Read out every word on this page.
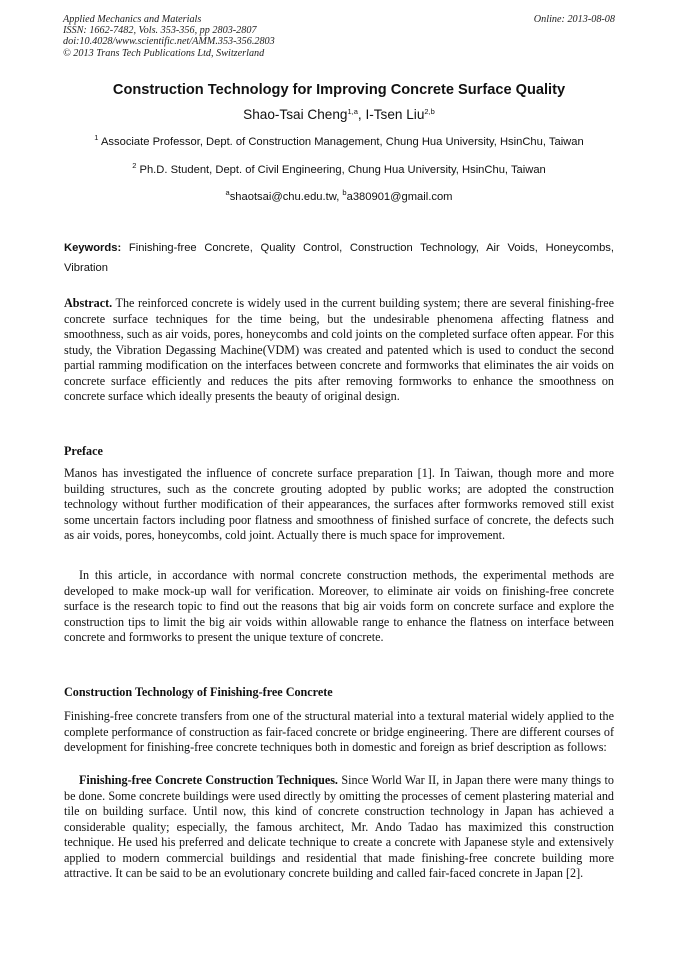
Applied Mechanics and Materials
ISSN: 1662-7482, Vols. 353-356, pp 2803-2807
doi:10.4028/www.scientific.net/AMM.353-356.2803
© 2013 Trans Tech Publications Ltd, Switzerland
Online: 2013-08-08
Construction Technology for Improving Concrete Surface Quality
Shao-Tsai Cheng$^{1,a}$, I-Tsen Liu$^{2,b}$
$^1$ Associate Professor, Dept. of Construction Management, Chung Hua University, HsinChu, Taiwan
$^2$ Ph.D. Student, Dept. of Civil Engineering, Chung Hua University, HsinChu, Taiwan
$^a$shaotsai@chu.edu.tw, $^b$a380901@gmail.com
Keywords: Finishing-free Concrete, Quality Control, Construction Technology, Air Voids, Honeycombs, Vibration
Abstract. The reinforced concrete is widely used in the current building system; there are several finishing-free concrete surface techniques for the time being, but the undesirable phenomena affecting flatness and smoothness, such as air voids, pores, honeycombs and cold joints on the completed surface often appear. For this study, the Vibration Degassing Machine(VDM) was created and patented which is used to conduct the second partial ramming modification on the interfaces between concrete and formworks that eliminates the air voids on concrete surface efficiently and reduces the pits after removing formworks to enhance the smoothness on concrete surface which ideally presents the beauty of original design.
Preface
Manos has investigated the influence of concrete surface preparation [1]. In Taiwan, though more and more building structures, such as the concrete grouting adopted by public works; are adopted the construction technology without further modification of their appearances, the surfaces after formworks removed still exist some uncertain factors including poor flatness and smoothness of finished surface of concrete, the defects such as air voids, pores, honeycombs, cold joint. Actually there is much space for improvement.
In this article, in accordance with normal concrete construction methods, the experimental methods are developed to make mock-up wall for verification. Moreover, to eliminate air voids on finishing-free concrete surface is the research topic to find out the reasons that big air voids form on concrete surface and explore the construction tips to limit the big air voids within allowable range to enhance the flatness on interface between concrete and formworks to present the unique texture of concrete.
Construction Technology of Finishing-free Concrete
Finishing-free concrete transfers from one of the structural material into a textural material widely applied to the complete performance of construction as fair-faced concrete or bridge engineering. There are different courses of development for finishing-free concrete techniques both in domestic and foreign as brief description as follows:
Finishing-free Concrete Construction Techniques. Since World War II, in Japan there were many things to be done. Some concrete buildings were used directly by omitting the processes of cement plastering material and tile on building surface. Until now, this kind of concrete construction technology in Japan has achieved a considerable quality; especially, the famous architect, Mr. Ando Tadao has maximized this construction technique. He used his preferred and delicate technique to create a concrete with Japanese style and extensively applied to modern commercial buildings and residential that made finishing-free concrete building more attractive. It can be said to be an evolutionary concrete building and called fair-faced concrete in Japan [2].
